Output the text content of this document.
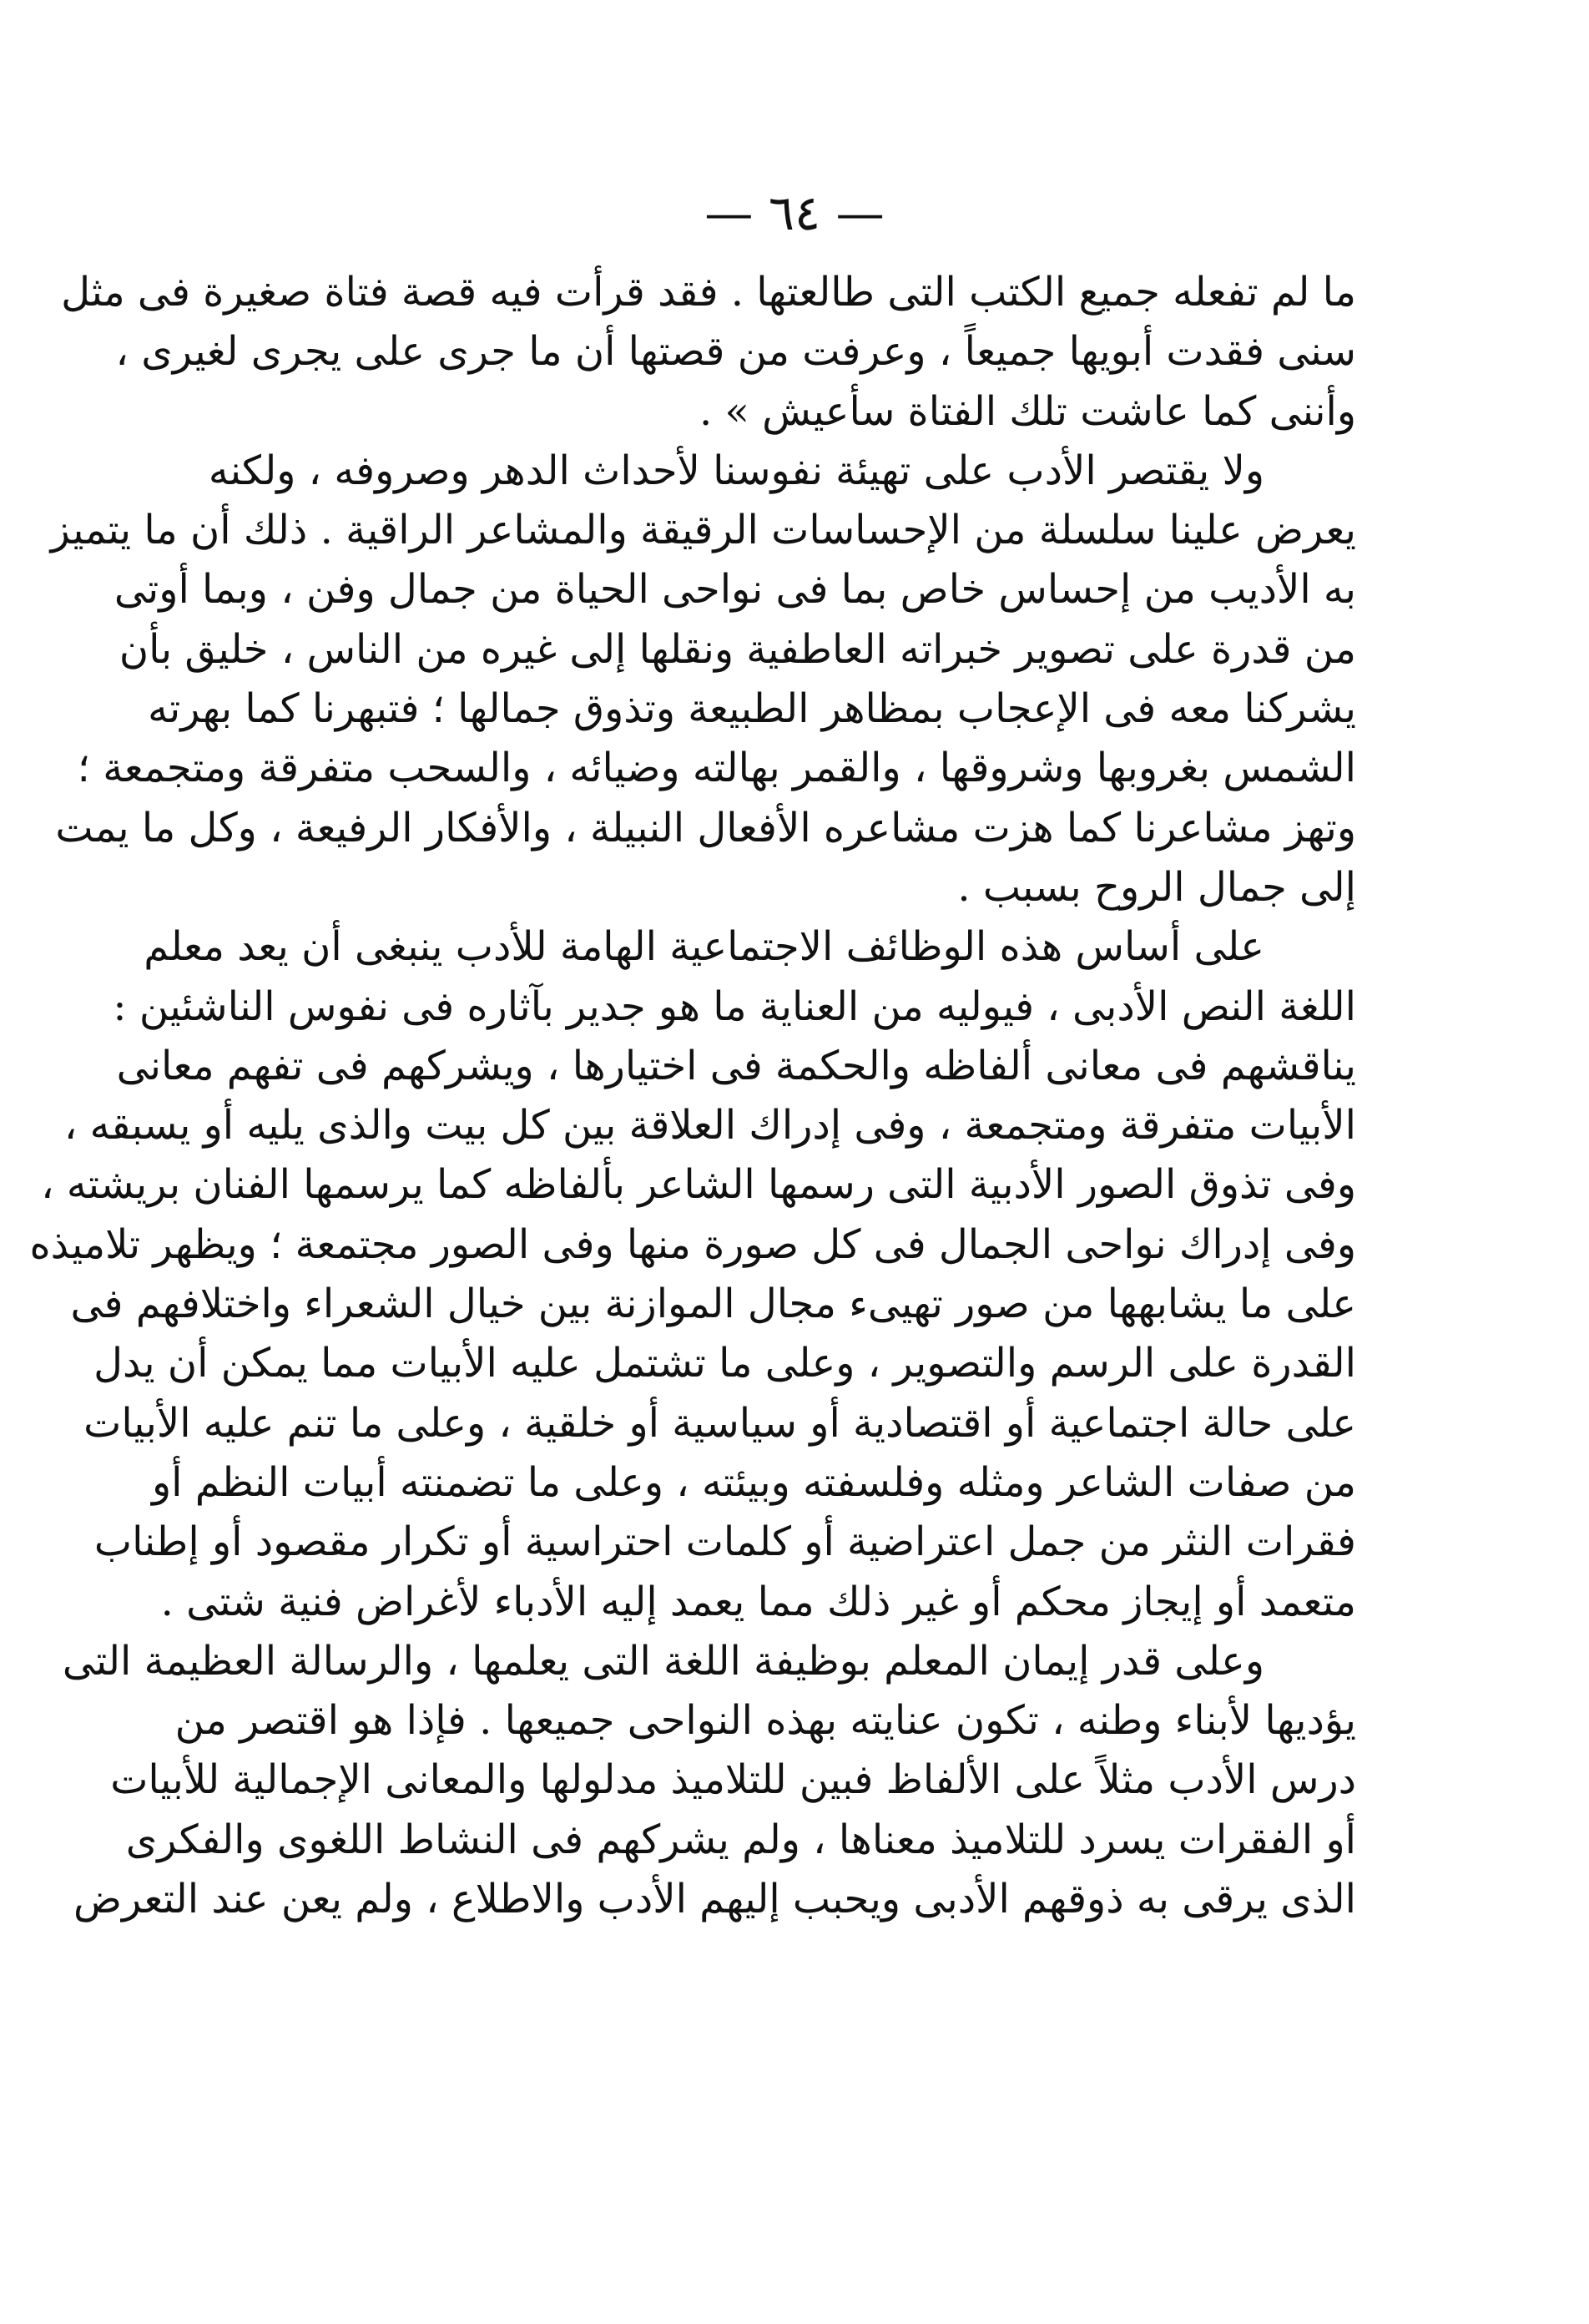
— ٦٤ —
ما لم تفعله جميع الكتب التى طالعتها . فقد قرأت فيه قصة فتاة صغيرة فى مثل
سنى فقدت أبويها جميعاً ، وعرفت من قصتها أن ما جرى على يجرى لغيرى ،
وأننى كما عاشت تلك الفتاة سأعيش » .
ولا يقتصر الأدب على تهيئة نفوسنا لأحداث الدهر وصروفه ، ولكنه
يعرض علينا سلسلة من الإحساسات الرقيقة والمشاعر الراقية . ذلك أن ما يتميز
به الأديب من إحساس خاص بما فى نواحى الحياة من جمال وفن ، وبما أوتى
من قدرة على تصوير خبراته العاطفية ونقلها إلى غيره من الناس ، خليق بأن
يشركنا معه فى الإعجاب بمظاهر الطبيعة وتذوق جمالها ؛ فتبهرنا كما بهرته
الشمس بغروبها وشروقها ، والقمر بهالته وضيائه ، والسحب متفرقة ومتجمعة ؛
وتهز مشاعرنا كما هزت مشاعره الأفعال النبيلة ، والأفكار الرفيعة ، وكل ما يمت
إلى جمال الروح بسبب .
على أساس هذه الوظائف الاجتماعية الهامة للأدب ينبغى أن يعد معلم
اللغة النص الأدبى ، فيوليه من العناية ما هو جدير بآثاره فى نفوس الناشئين :
يناقشهم فى معانى ألفاظه والحكمة فى اختيارها ، ويشركهم فى تفهم معانى
الأبيات متفرقة ومتجمعة ، وفى إدراك العلاقة بين كل بيت والذى يليه أو يسبقه ،
وفى تذوق الصور الأدبية التى رسمها الشاعر بألفاظه كما يرسمها الفنان بريشته ،
وفى إدراك نواحى الجمال فى كل صورة منها وفى الصور مجتمعة ؛ ويظهر تلاميذه
على ما يشابهها من صور تهيىء مجال الموازنة بين خيال الشعراء واختلافهم فى
القدرة على الرسم والتصوير ، وعلى ما تشتمل عليه الأبيات مما يمكن أن يدل
على حالة اجتماعية أو اقتصادية أو سياسية أو خلقية ، وعلى ما تنم عليه الأبيات
من صفات الشاعر ومثله وفلسفته وبيئته ، وعلى ما تضمنته أبيات النظم أو
فقرات النثر من جمل اعتراضية أو كلمات احتراسية أو تكرار مقصود أو إطناب
متعمد أو إيجاز محكم أو غير ذلك مما يعمد إليه الأدباء لأغراض فنية شتى .
وعلى قدر إيمان المعلم بوظيفة اللغة التى يعلمها ، والرسالة العظيمة التى
يؤديها لأبناء وطنه ، تكون عنايته بهذه النواحى جميعها . فإذا هو اقتصر من
درس الأدب مثلاً على الألفاظ فبين للتلاميذ مدلولها والمعانى الإجمالية للأبيات
أو الفقرات يسرد للتلاميذ معناها ، ولم يشركهم فى النشاط اللغوى والفكرى
الذى يرقى به ذوقهم الأدبى ويحبب إليهم الأدب والاطلاع ، ولم يعن عند التعرض
